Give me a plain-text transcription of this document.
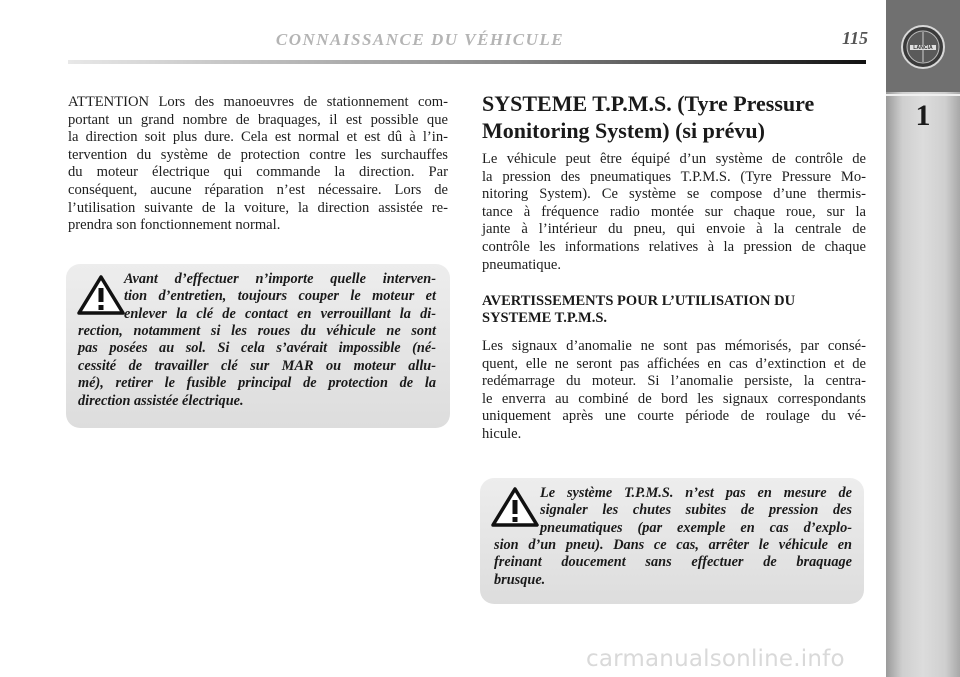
CONNAISSANCE DU VÉHICULE	115
LANCIA
1
ATTENTION Lors des manoeuvres de stationnement com-
portant un grand nombre de braquages, il est possible que
la direction soit plus dure. Cela est normal et est dû à l’in-
tervention du système de protection contre les surchauffes
du moteur électrique qui commande la direction. Par
conséquent, aucune réparation n’est nécessaire. Lors de
l’utilisation suivante de la voiture, la direction assistée re-
prendra son fonctionnement normal.
Avant d’effectuer n’importe quelle interven-
tion d’entretien, toujours couper le moteur et
enlever la clé de contact en verrouillant la di-
rection, notamment si les roues du véhicule ne sont
pas posées au sol. Si cela s’avérait impossible (né-
cessité de travailler clé sur MAR ou moteur allu-
mé), retirer le fusible principal de protection de la
direction assistée électrique.
SYSTEME T.P.M.S. (Tyre Pressure
Monitoring System) (si prévu)
Le véhicule peut être équipé d’un système de contrôle de
la pression des pneumatiques T.P.M.S. (Tyre Pressure Mo-
nitoring System). Ce système se compose d’une thermis-
tance à fréquence radio montée sur chaque roue, sur la
jante à l’intérieur du pneu, qui envoie à la centrale de
contrôle les informations relatives à la pression de chaque
pneumatique.
AVERTISSEMENTS POUR L’UTILISATION DU
SYSTEME T.P.M.S.
Les signaux d’anomalie ne sont pas mémorisés, par consé-
quent, elle ne seront pas affichées en cas d’extinction et de
redémarrage du moteur. Si l’anomalie persiste, la centra-
le enverra au combiné de bord les signaux correspondants
uniquement après une courte période de roulage du vé-
hicule.
Le système T.P.M.S. n’est pas en mesure de
signaler les chutes subites de pression des
pneumatiques (par exemple en cas d’explo-
sion d’un pneu). Dans ce cas, arrêter le véhicule en
freinant doucement sans effectuer de braquage
brusque.
carmanualsonline.info
